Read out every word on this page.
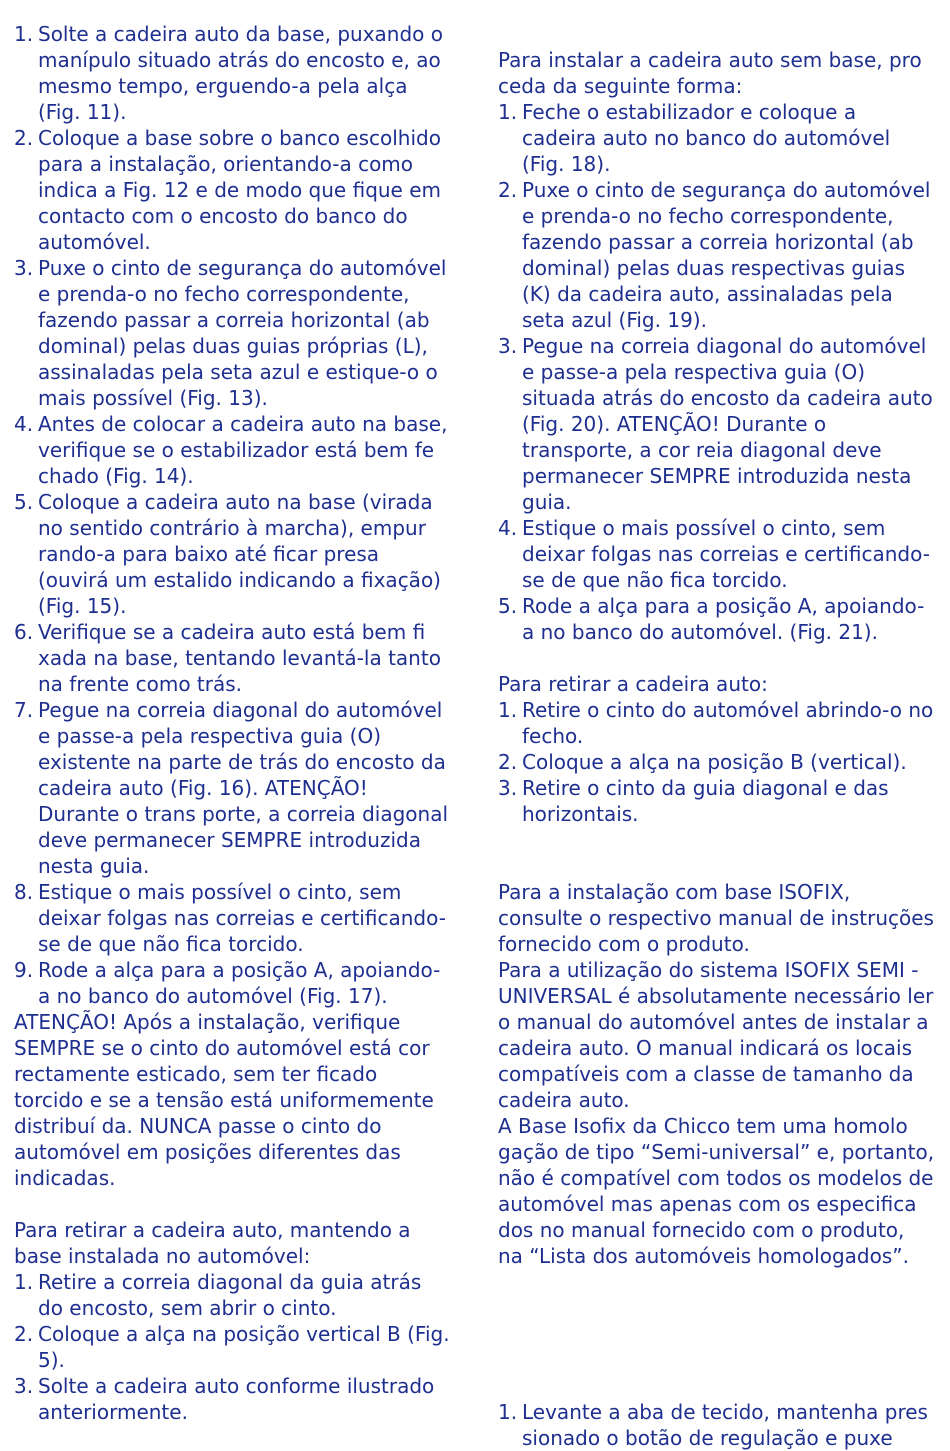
1. Solte a cadeira auto da base, puxando o manípulo situado atrás do encosto e, ao mesmo tempo, erguendo-a pela alça (Fig. 11).
2. Coloque a base sobre o banco escolhido para a instalação, orientando-a como indica a Fig. 12 e de modo que fique em contacto com o encosto do banco do automóvel.
3. Puxe o cinto de segurança do automóvel e prenda-o no fecho correspondente, fazendo passar a correia horizontal (ab dominal) pelas duas guias próprias (L), assinaladas pela seta azul e estique-o o mais possível (Fig. 13).
4. Antes de colocar a cadeira auto na base, verifique se o estabilizador está bem fe chado (Fig. 14).
5. Coloque a cadeira auto na base (virada no sentido contrário à marcha), empur rando-a para baixo até ficar presa (ouvirá um estalido indicando a fixação) (Fig. 15).
6. Verifique se a cadeira auto está bem fi xada na base, tentando levantá-la tanto na frente como trás.
7. Pegue na correia diagonal do automóvel e passe-a pela respectiva guia (O) existente na parte de trás do encosto da cadeira auto (Fig. 16). ATENÇÃO! Durante o trans porte, a correia diagonal deve permanecer SEMPRE introduzida nesta guia.
8. Estique o mais possível o cinto, sem deixar folgas nas correias e certificando-se de que não fica torcido.
9. Rode a alça para a posição A, apoiando-a no banco do automóvel (Fig. 17).

ATENÇÃO! Após a instalação, verifique SEMPRE se o cinto do automóvel está cor rectamente esticado, sem ter ficado torcido e se a tensão está uniformemente distribuí da. NUNCA passe o cinto do automóvel em posições diferentes das indicadas.

Para retirar a cadeira auto, mantendo a base instalada no automóvel:

1. Retire a correia diagonal da guia atrás do encosto, sem abrir o cinto.
2. Coloque a alça na posição vertical B (Fig. 5).
3. Solte a cadeira auto conforme ilustrado anteriormente.

Para instalar a cadeira auto sem base, pro ceda da seguinte forma:

1. Feche o estabilizador e coloque a cadeira auto no banco do automóvel (Fig. 18).
2. Puxe o cinto de segurança do automóvel e prenda-o no fecho correspondente, fazendo passar a correia horizontal (ab dominal) pelas duas respectivas guias (K) da cadeira auto, assinaladas pela seta azul (Fig. 19).
3. Pegue na correia diagonal do automóvel e passe-a pela respectiva guia (O) situada atrás do encosto da cadeira auto (Fig. 20). ATENÇÃO! Durante o transporte, a cor reia diagonal deve permanecer SEMPRE introduzida nesta guia.
4. Estique o mais possível o cinto, sem deixar folgas nas correias e certificando-se de que não fica torcido.
5. Rode a alça para a posição A, apoiando-a no banco do automóvel. (Fig. 21).

Para retirar a cadeira auto:

1. Retire o cinto do automóvel abrindo-o no fecho.
2. Coloque a alça na posição B (vertical).
3. Retire o cinto da guia diagonal e das horizontais.

Para a instalação com base ISOFIX, consulte o respectivo manual de instruções fornecido com o produto.

Para a utilização do sistema ISOFIX SEMI -UNIVERSAL é absolutamente necessário ler o manual do automóvel antes de instalar a cadeira auto. O manual indicará os locais compatíveis com a classe de tamanho da cadeira auto.

A Base Isofix da Chicco tem uma homolo gação de tipo “Semi-universal” e, portanto, não é compatível com todos os modelos de automóvel mas apenas com os especifica dos no manual fornecido com o produto, na “Lista dos automóveis homologados”.

1. Levante a aba de tecido, mantenha pres sionado o botão de regulação e puxe
